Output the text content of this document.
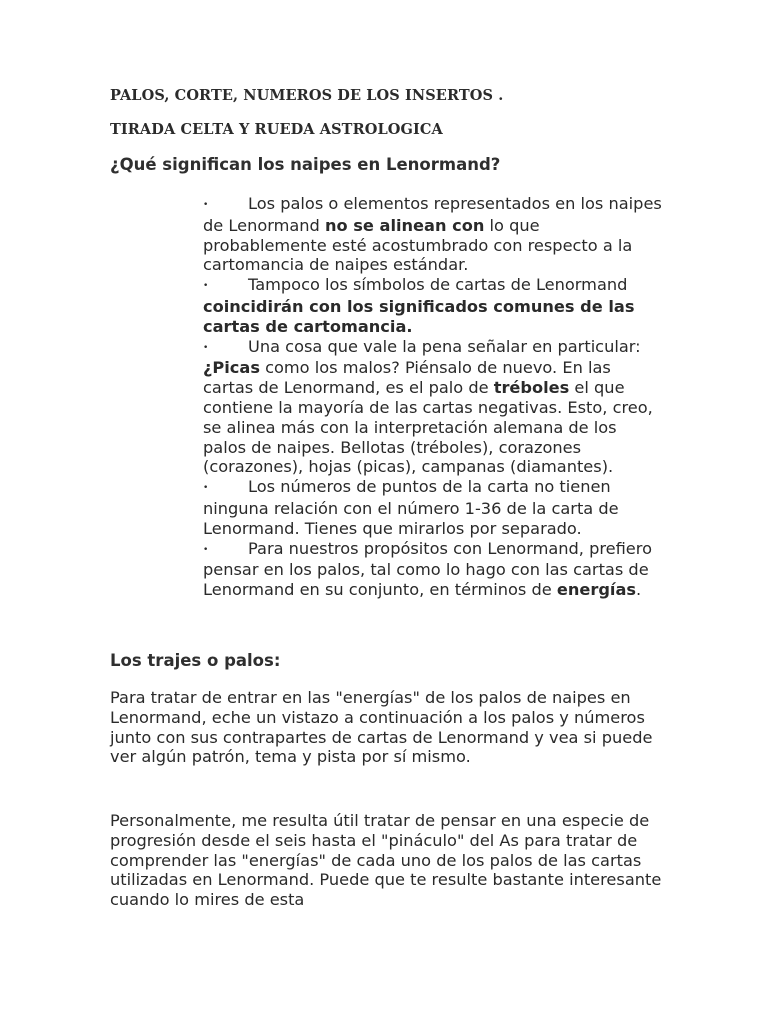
PALOS, CORTE, NUMEROS DE LOS INSERTOS .

TIRADA CELTA Y RUEDA ASTROLOGICA

¿Qué significan los naipes en Lenormand?
• Los palos o elementos representados en los naipes de Lenormand no se alinean con lo que probablemente esté acostumbrado con respecto a la cartomancia de naipes estándar.
• Tampoco los símbolos de cartas de Lenormand coincidirán con los significados comunes de las cartas de cartomancia.
• Una cosa que vale la pena señalar en particular: ¿Picas como los malos? Piénsalo de nuevo. En las cartas de Lenormand, es el palo de tréboles el que contiene la mayoría de las cartas negativas. Esto, creo, se alinea más con la interpretación alemana de los palos de naipes. Bellotas (tréboles), corazones (corazones), hojas (picas), campanas (diamantes).
• Los números de puntos de la carta no tienen ninguna relación con el número 1-36 de la carta de Lenormand. Tienes que mirarlos por separado.
• Para nuestros propósitos con Lenormand, prefiero pensar en los palos, tal como lo hago con las cartas de Lenormand en su conjunto, en términos de energías.
Los trajes o palos:

Para tratar de entrar en las "energías" de los palos de naipes en Lenormand, eche un vistazo a continuación a los palos y números junto con sus contrapartes de cartas de Lenormand y vea si puede ver algún patrón, tema y pista por sí mismo.

Personalmente, me resulta útil tratar de pensar en una especie de progresión desde el seis hasta el "pináculo" del As para tratar de comprender las "energías" de cada uno de los palos de las cartas utilizadas en Lenormand. Puede que te resulte bastante interesante cuando lo mires de esta
